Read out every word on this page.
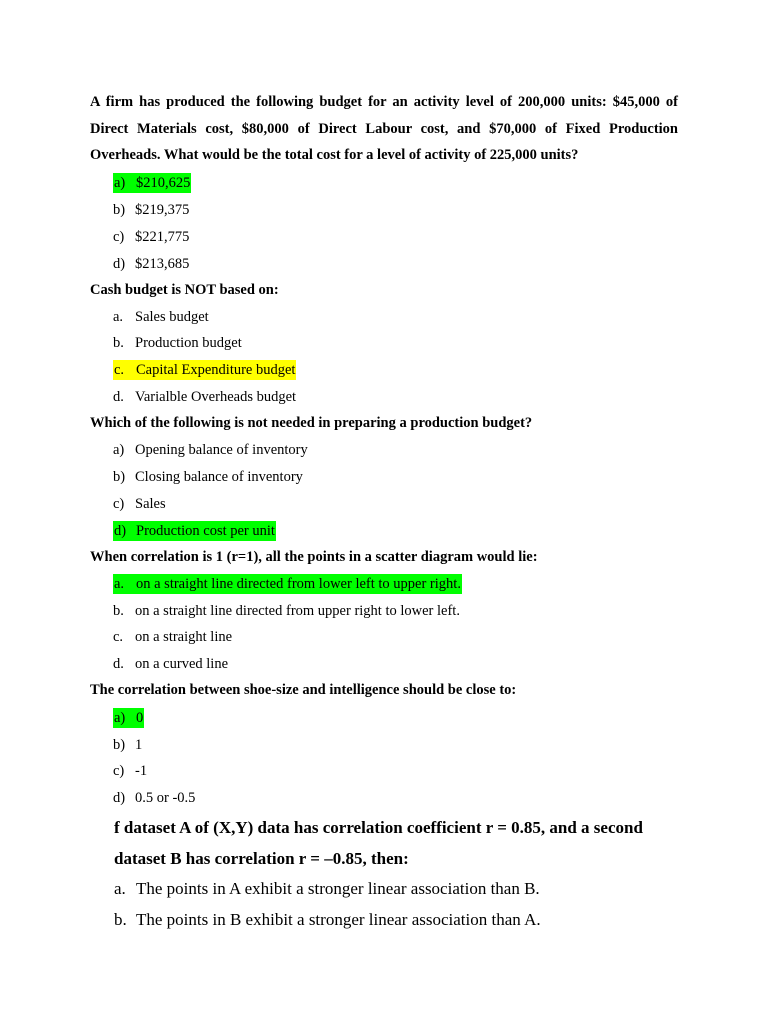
A firm has produced the following budget for an activity level of 200,000 units: $45,000 of Direct Materials cost, $80,000 of Direct Labour cost, and $70,000 of Fixed Production Overheads. What would be the total cost for a level of activity of 225,000 units?

a) $210,625
b) $219,375
c) $221,775
d) $213,685

Cash budget is NOT based on:

a. Sales budget
b. Production budget
c. Capital Expenditure budget
d. Varialble Overheads budget

Which of the following is not needed in preparing a production budget?

a) Opening balance of inventory
b) Closing balance of inventory
c) Sales
d) Production cost per unit

When correlation is 1 (r=1), all the points in a scatter diagram would lie:

a. on a straight line directed from lower left to upper right.
b. on a straight line directed from upper right to lower left.
c. on a straight line
d. on a curved line

The correlation between shoe-size and intelligence should be close to:

a) 0
b) 1
c) -1
d) 0.5 or -0.5

f dataset A of (X,Y) data has correlation coefficient r = 0.85, and a second dataset B has correlation r = –0.85, then:

a. The points in A exhibit a stronger linear association than B.
b. The points in B exhibit a stronger linear association than A.
